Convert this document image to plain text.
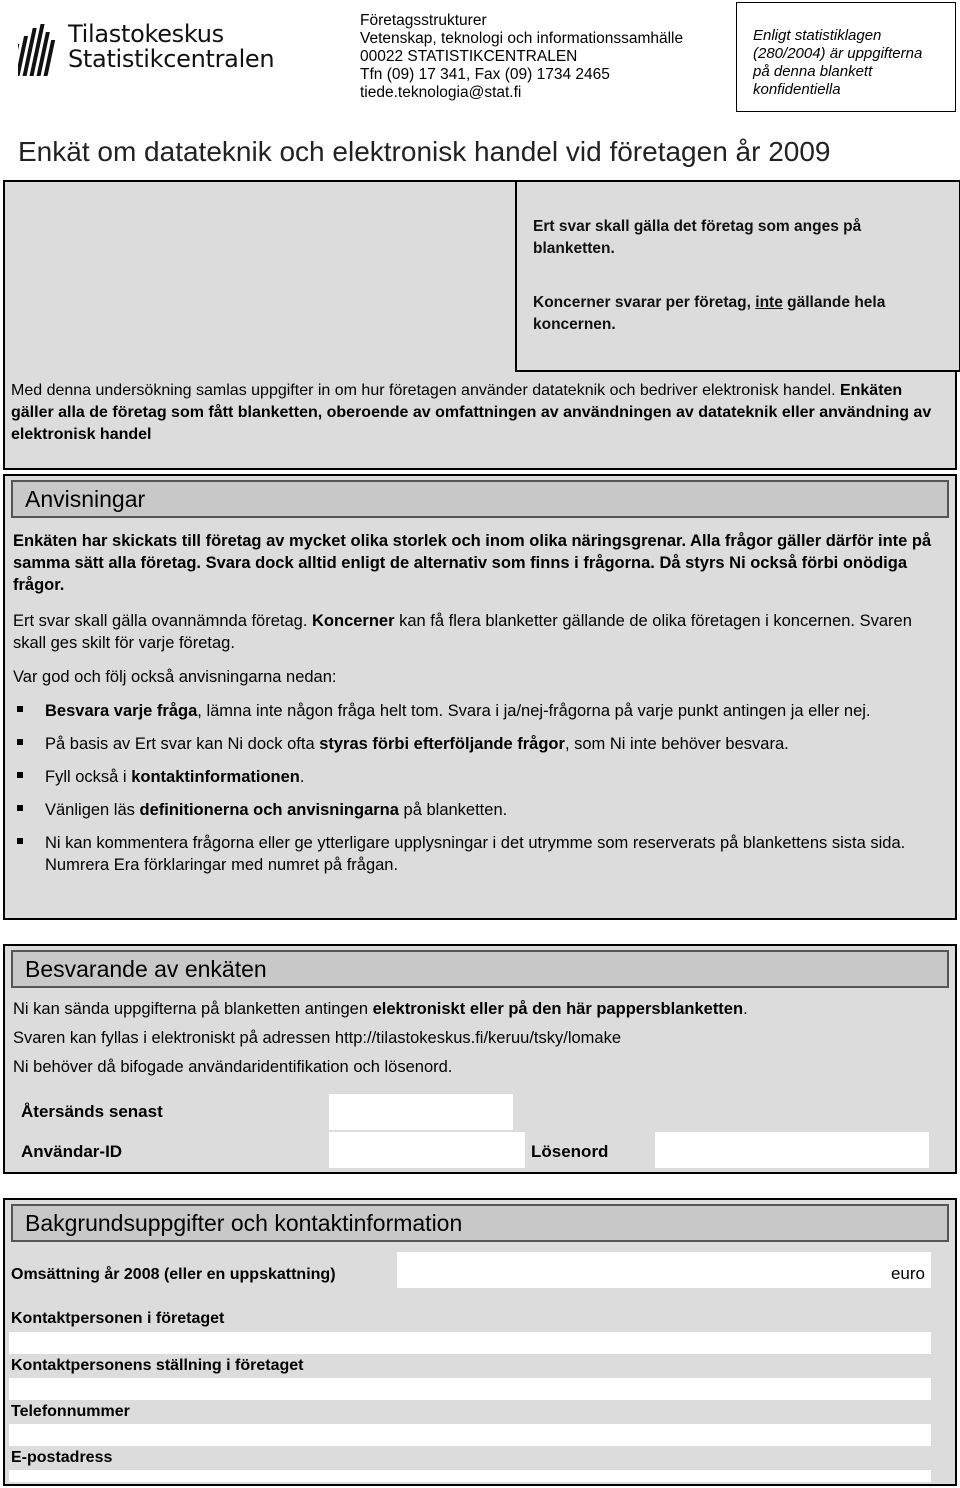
Tilastokeskus
Statistikcentralen
Företagsstrukturer
Vetenskap, teknologi och informationssamhälle
00022 STATISTIKCENTRALEN
Tfn (09) 17 341, Fax (09) 1734 2465
tiede.teknologia@stat.fi
Enligt statistiklagen
(280/2004) är uppgifterna
på denna blankett
konfidentiella
Enkät om datateknik och elektronisk handel vid företagen år 2009

Ert svar skall gälla det företag som anges på

blanketten.

Koncerner svarar per företag, inte gällande hela

koncernen.

Med denna undersökning samlas uppgifter in om hur företagen använder datateknik och bedriver elektronisk handel. Enkäten gäller alla de företag som fått blanketten, oberoende av omfattningen av användningen av datateknik eller användning av elektronisk handel
Anvisningar

Enkäten har skickats till företag av mycket olika storlek och inom olika näringsgrenar. Alla frågor gäller därför inte på samma sätt alla företag. Svara dock alltid enligt de alternativ som finns i frågorna. Då styrs Ni också förbi onödiga frågor.

Ert svar skall gälla ovannämnda företag. Koncerner kan få flera blanketter gällande de olika företagen i koncernen. Svaren skall ges skilt för varje företag.

Var god och följ också anvisningarna nedan:

Besvara varje fråga, lämna inte någon fråga helt tom. Svara i ja/nej-frågorna på varje punkt antingen ja eller nej.
På basis av Ert svar kan Ni dock ofta styras förbi efterföljande frågor, som Ni inte behöver besvara.
Fyll också i kontaktinformationen.
Vänligen läs definitionerna och anvisningarna på blanketten.
Ni kan kommentera frågorna eller ge ytterligare upplysningar i det utrymme som reserverats på blankettens sista sida. Numrera Era förklaringar med numret på frågan.
Besvarande av enkäten
Ni kan sända uppgifterna på blanketten antingen elektroniskt eller på den här pappersblanketten.
Svaren kan fyllas i elektroniskt på adressen http://tilastokeskus.fi/keruu/tsky/lomake
Ni behöver då bifogade användaridentifikation och lösenord.
Återsänds senast
Användar-ID	Lösenord
Bakgrundsuppgifter och kontaktinformation
Omsättning år 2008 (eller en uppskattning)	euro
Kontaktpersonen i företaget
Kontaktpersonens ställning i företaget
Telefonnummer
E-postadress
